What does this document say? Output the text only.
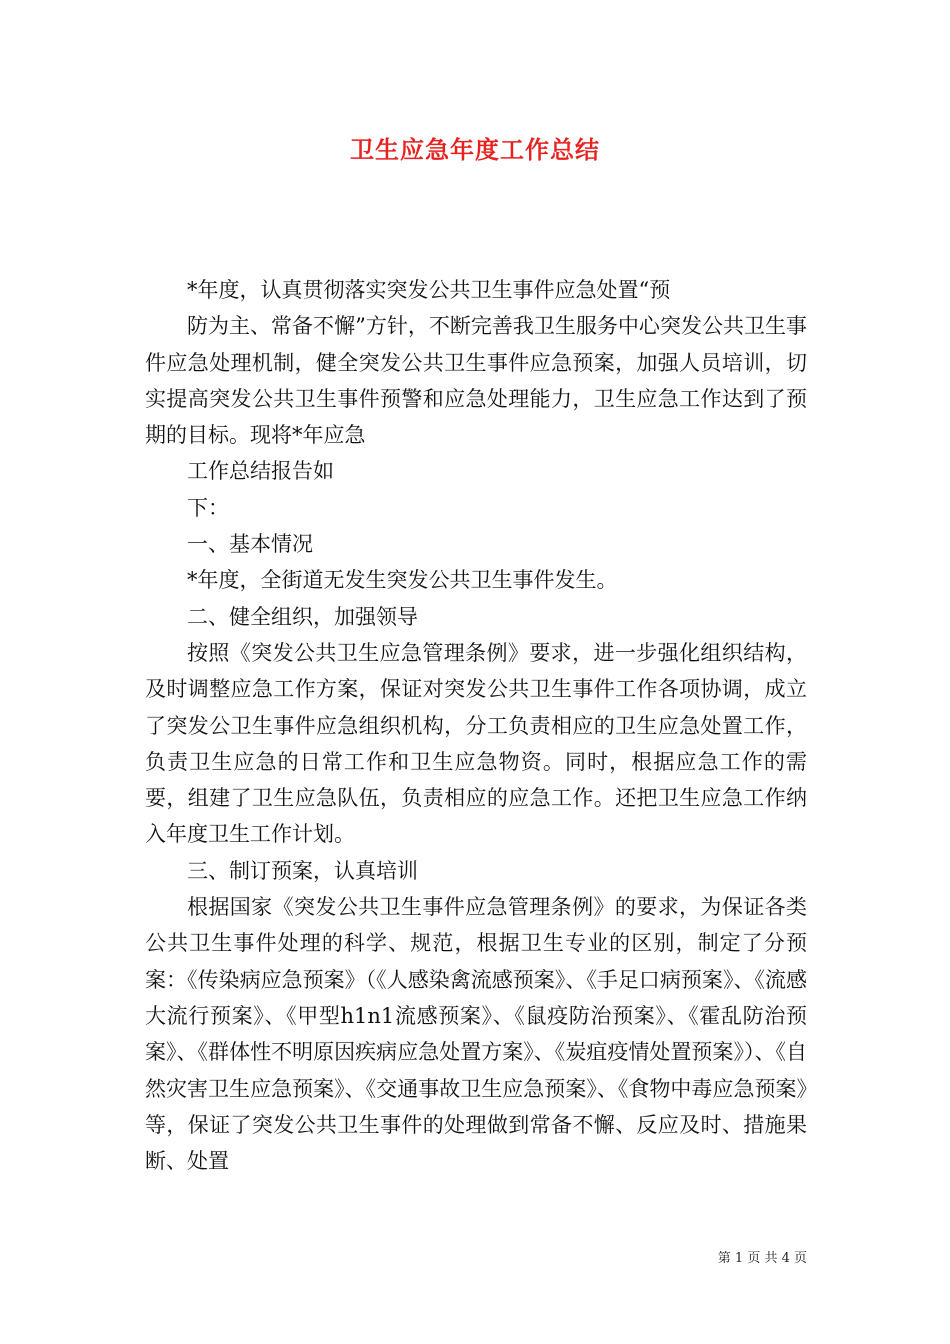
卫生应急年度工作总结

*年度，认真贯彻落实突发公共卫生事件应急处置“预

防为主、常备不懈”方针，不断完善我卫生服务中心突发公共卫生事件应急处理机制，健全突发公共卫生事件应急预案，加强人员培训，切实提高突发公共卫生事件预警和应急处理能力，卫生应急工作达到了预期的目标。现将*年应急

工作总结报告如

下：

一、基本情况

*年度，全街道无发生突发公共卫生事件发生。

二、健全组织，加强领导

按照《突发公共卫生应急管理条例》要求，进一步强化组织结构，及时调整应急工作方案，保证对突发公共卫生事件工作各项协调，成立了突发公卫生事件应急组织机构，分工负责相应的卫生应急处置工作，负责卫生应急的日常工作和卫生应急物资。同时，根据应急工作的需要，组建了卫生应急队伍，负责相应的应急工作。还把卫生应急工作纳入年度卫生工作计划。

三、制订预案，认真培训

根据国家《突发公共卫生事件应急管理条例》的要求，为保证各类公共卫生事件处理的科学、规范，根据卫生专业的区别，制定了分预案：《传染病应急预案》（《人感染禽流感预案》、《手足口病预案》、《流感大流行预案》、《甲型h1n1流感预案》、《鼠疫防治预案》、《霍乱防治预案》、《群体性不明原因疾病应急处置方案》、《炭疽疫情处置预案》）、《自然灾害卫生应急预案》、《交通事故卫生应急预案》、《食物中毒应急预案》等，保证了突发公共卫生事件的处理做到常备不懈、反应及时、措施果断、处置

第 1 页 共 4 页
